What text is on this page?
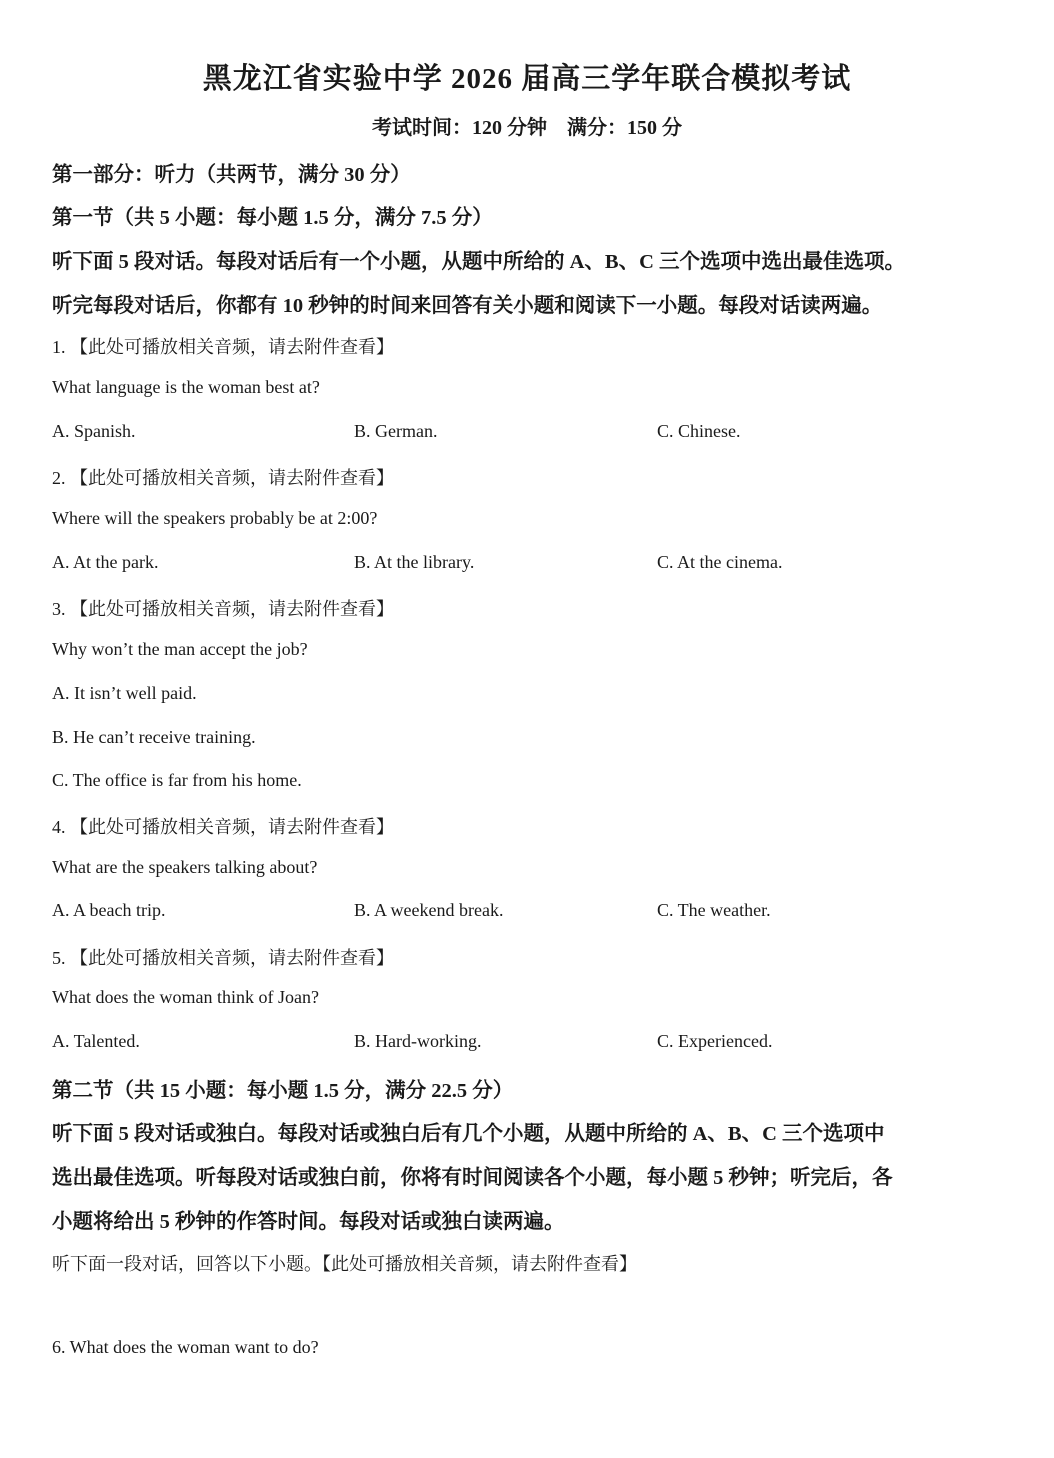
黑龙江省实验中学 2026 届高三学年联合模拟考试
考试时间：120 分钟　满分：150 分
第一部分：听力（共两节，满分 30 分）
第一节（共 5 小题：每小题 1.5 分，满分 7.5 分）
听下面 5 段对话。每段对话后有一个小题，从题中所给的 A、B、C 三个选项中选出最佳选项。
听完每段对话后，你都有 10 秒钟的时间来回答有关小题和阅读下一小题。每段对话读两遍。
1. 【此处可播放相关音频，请去附件查看】
What language is the woman best at?
A. Spanish.	B. German.	C. Chinese.
2. 【此处可播放相关音频，请去附件查看】
Where will the speakers probably be at 2:00?
A. At the park.	B. At the library.	C. At the cinema.
3. 【此处可播放相关音频，请去附件查看】
Why won’t the man accept the job?
A. It isn’t well paid.
B. He can’t receive training.
C. The office is far from his home.
4. 【此处可播放相关音频，请去附件查看】
What are the speakers talking about?
A. A beach trip.	B. A weekend break.	C. The weather.
5. 【此处可播放相关音频，请去附件查看】
What does the woman think of Joan?
A. Talented.	B. Hard-working.	C. Experienced.
第二节（共 15 小题：每小题 1.5 分，满分 22.5 分）
听下面 5 段对话或独白。每段对话或独白后有几个小题，从题中所给的 A、B、C 三个选项中
选出最佳选项。听每段对话或独白前，你将有时间阅读各个小题，每小题 5 秒钟；听完后，各
小题将给出 5 秒钟的作答时间。每段对话或独白读两遍。
听下面一段对话，回答以下小题。【此处可播放相关音频，请去附件查看】
6. What does the woman want to do?
